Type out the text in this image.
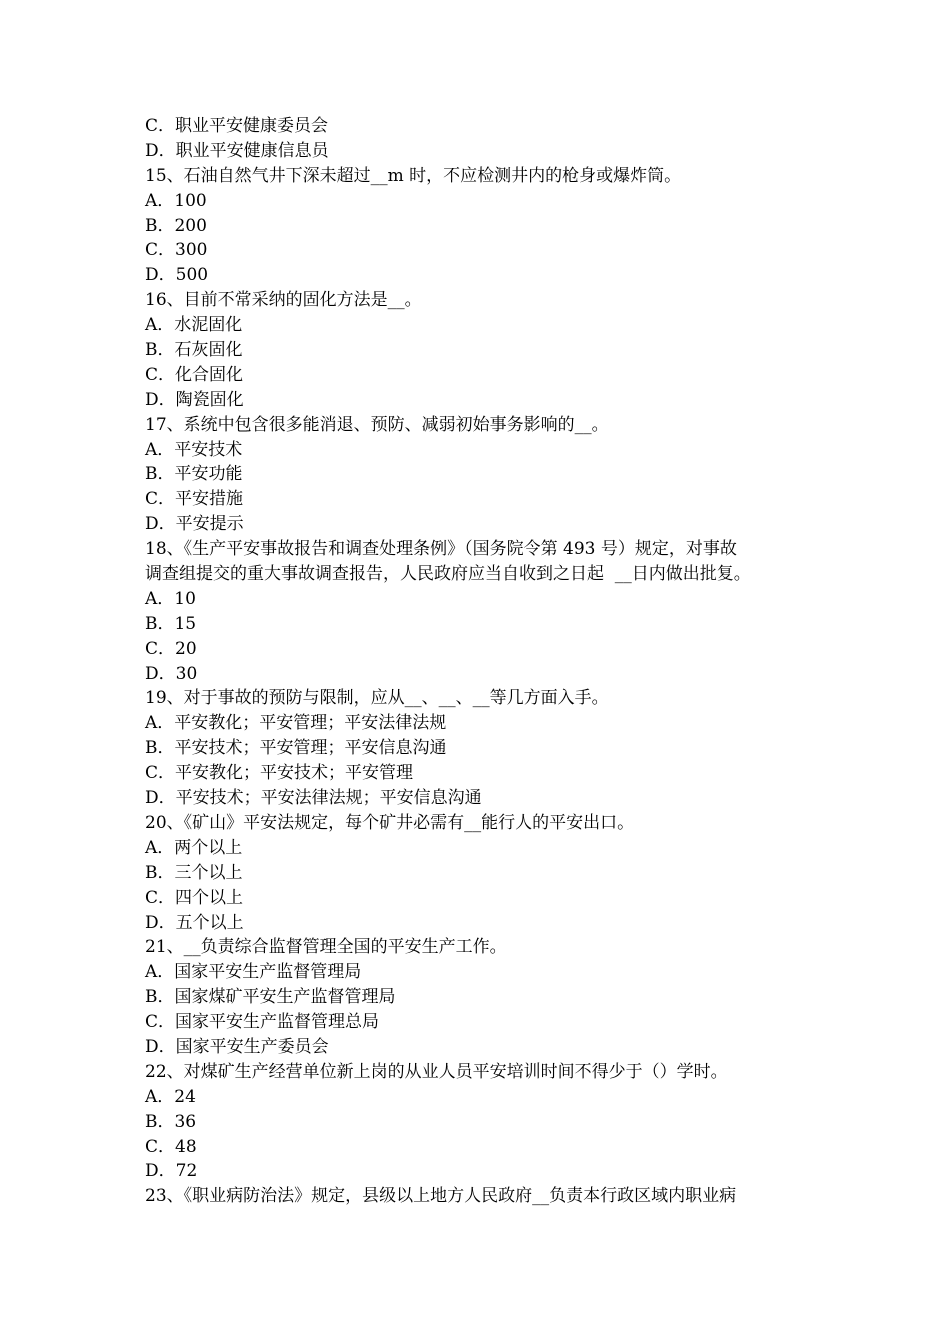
C．职业平安健康委员会
D．职业平安健康信息员
15、石油自然气井下深未超过__m 时，不应检测井内的枪身或爆炸筒。
A．100
B．200
C．300
D．500
16、目前不常采纳的固化方法是__。
A．水泥固化
B．石灰固化
C．化合固化
D．陶瓷固化
17、系统中包含很多能消退、预防、减弱初始事务影响的__。
A．平安技术
B．平安功能
C．平安措施
D．平安提示
18、《生产平安事故报告和调查处理条例》（国务院令第 493 号）规定，对事故
调查组提交的重大事故调查报告，人民政府应当自收到之日起  __日内做出批复。
A．10
B．15
C．20
D．30
19、对于事故的预防与限制，应从__、__、__等几方面入手。
A．平安教化；平安管理；平安法律法规
B．平安技术；平安管理；平安信息沟通
C．平安教化；平安技术；平安管理
D．平安技术；平安法律法规；平安信息沟通
20、《矿山》平安法规定，每个矿井必需有__能行人的平安出口。
A．两个以上
B．三个以上
C．四个以上
D．五个以上
21、__负责综合监督管理全国的平安生产工作。
A．国家平安生产监督管理局
B．国家煤矿平安生产监督管理局
C．国家平安生产监督管理总局
D．国家平安生产委员会
22、对煤矿生产经营单位新上岗的从业人员平安培训时间不得少于（）学时。
A．24
B．36
C．48
D．72
23、《职业病防治法》规定，县级以上地方人民政府__负责本行政区域内职业病
